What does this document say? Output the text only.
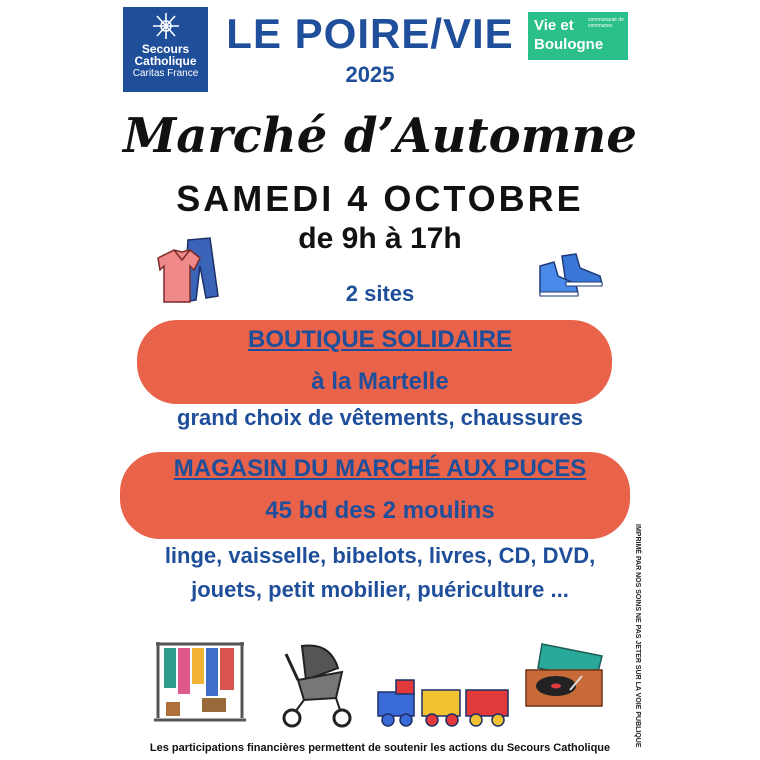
Secours
Catholique
Caritas France
Vie et
Boulogne
communauté de communes
LE POIRE/VIE
2025
Marché d’Automne
SAMEDI 4 OCTOBRE
de 9h à 17h
2 sites
BOUTIQUE SOLIDAIRE
à la Martelle
grand choix de vêtements, chaussures
MAGASIN DU MARCHÉ AUX PUCES
45 bd des 2 moulins
linge, vaisselle, bibelots, livres, CD, DVD,
jouets, petit mobilier, puériculture ...
Les participations financières permettent de soutenir les actions du Secours Catholique
IMPRIMÉ PAR NOS SOINS NE PAS JETER SUR LA VOIE PUBLIQUE
